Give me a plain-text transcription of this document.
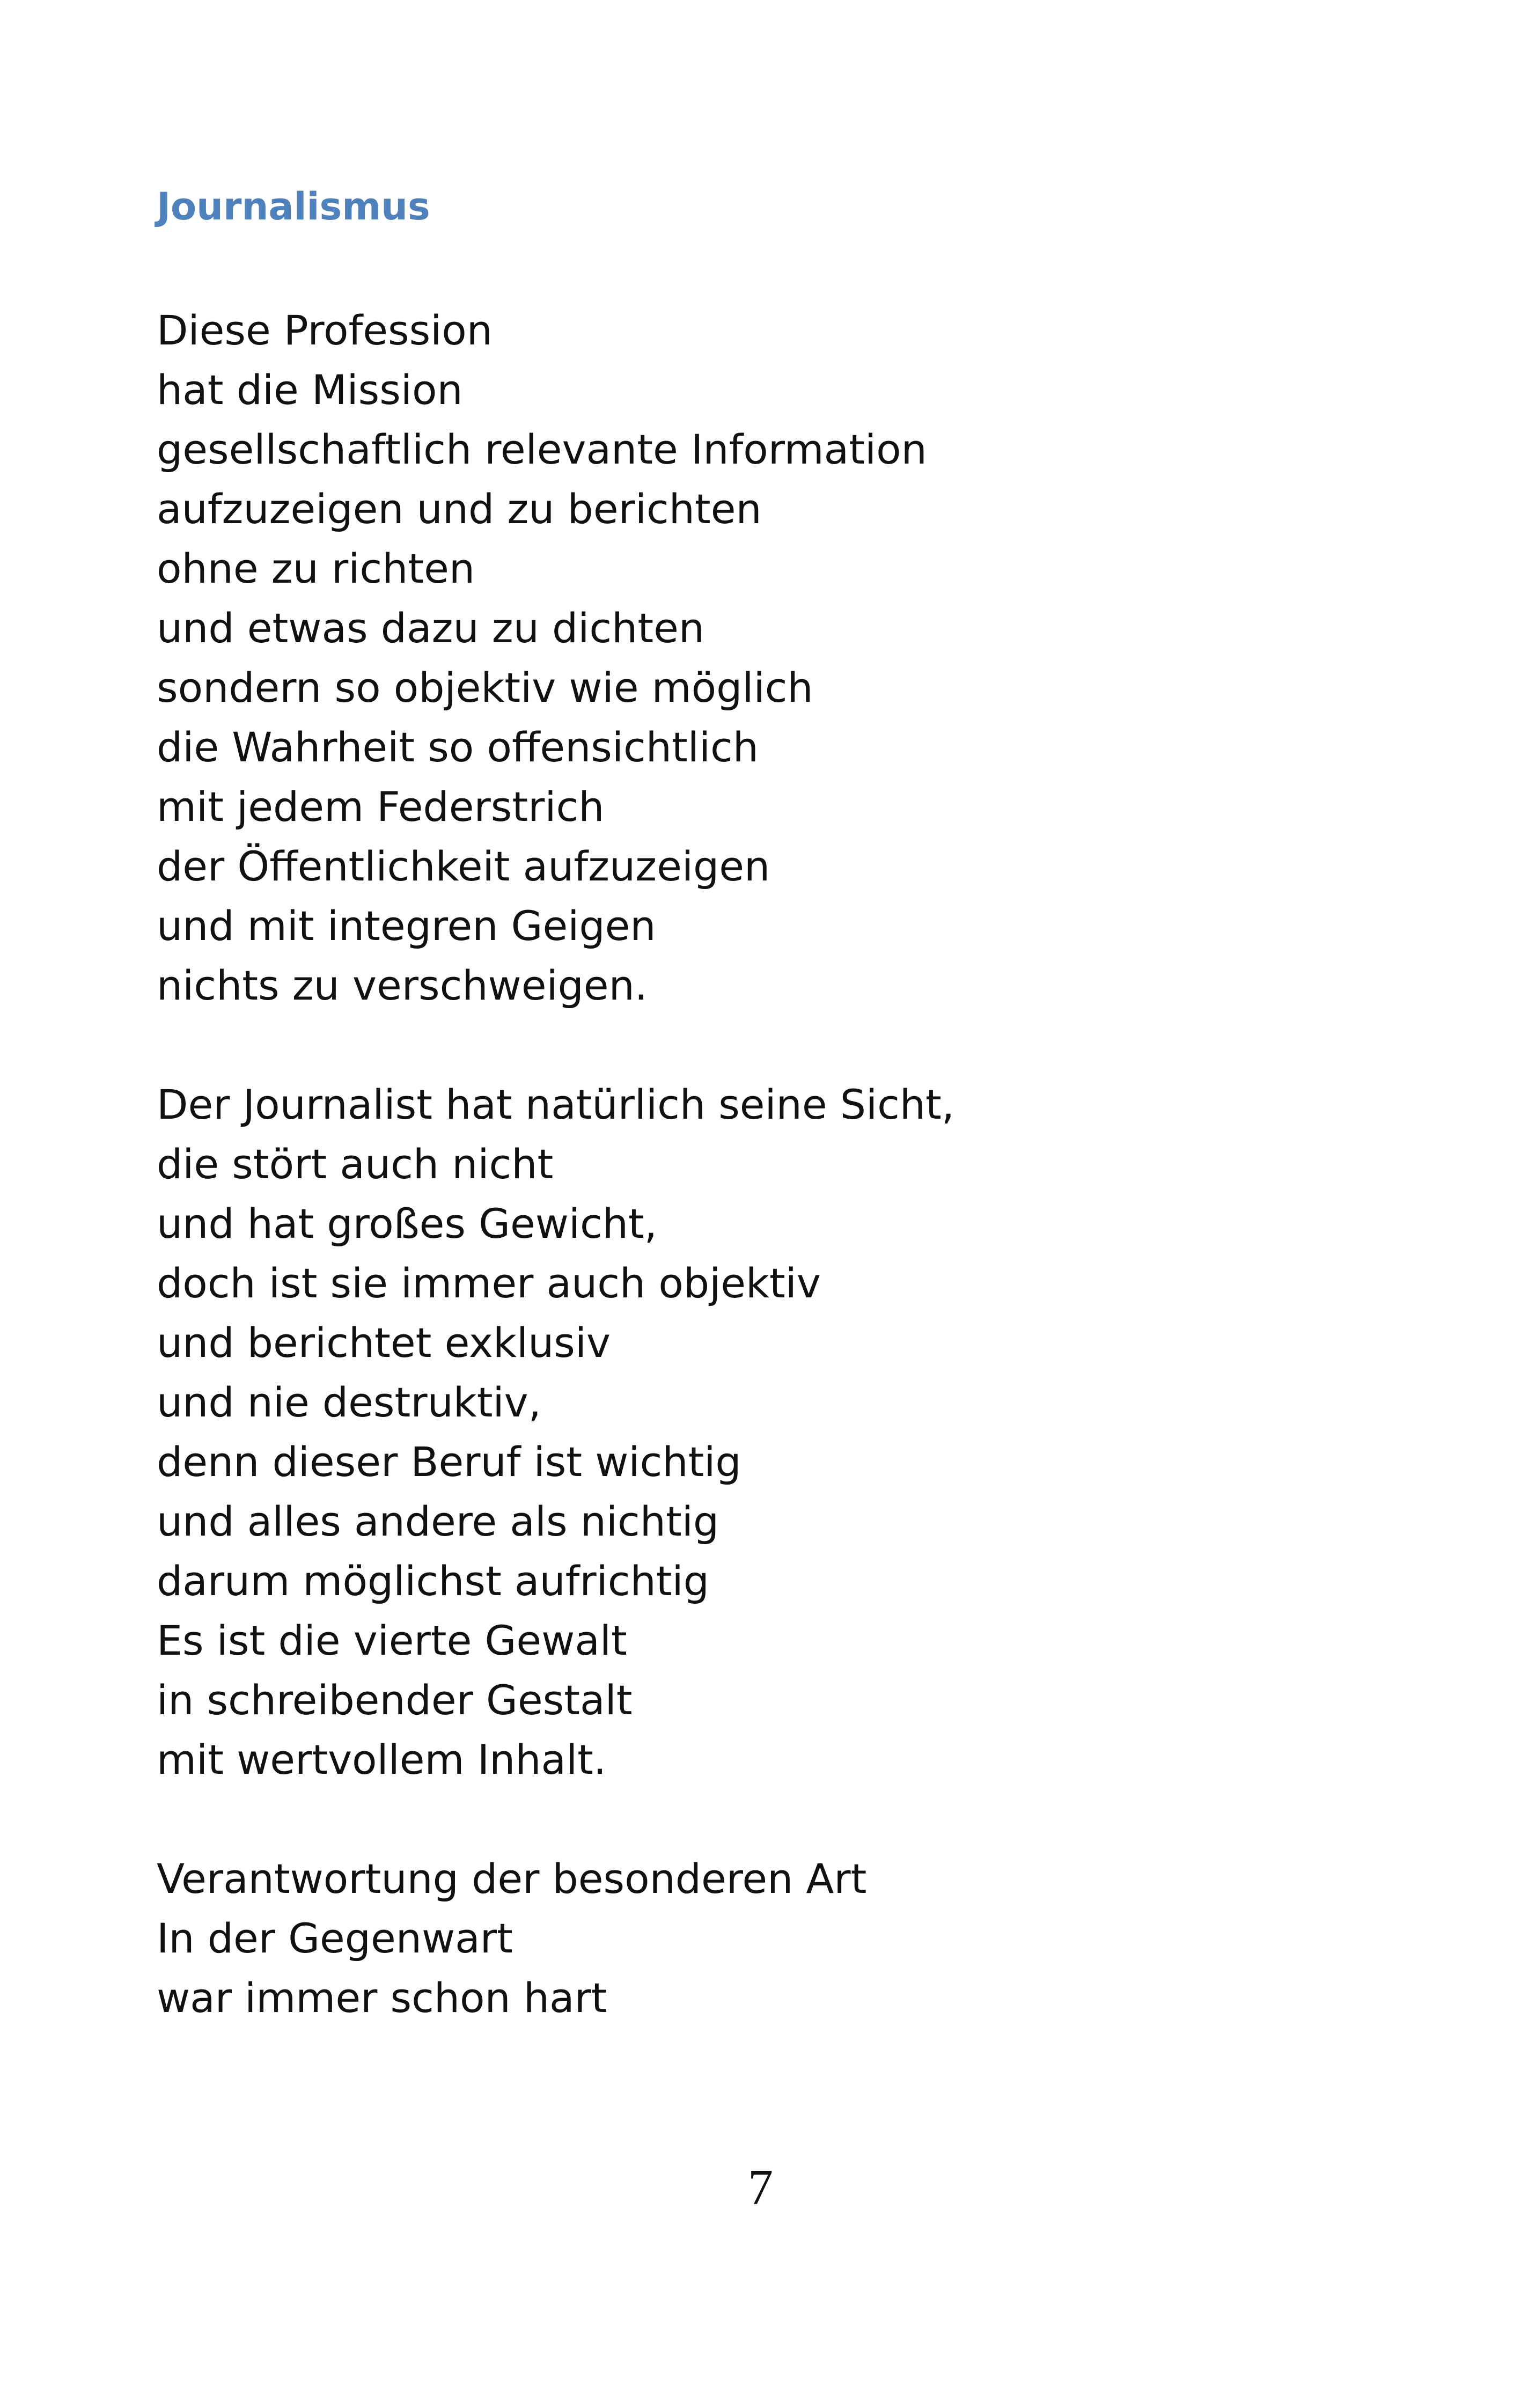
Journalismus
Diese Profession
hat die Mission
gesellschaftlich relevante Information
aufzuzeigen und zu berichten
ohne zu richten
und etwas dazu zu dichten
sondern so objektiv wie möglich
die Wahrheit so offensichtlich
mit jedem Federstrich
der Öffentlichkeit aufzuzeigen
und mit integren Geigen
nichts zu verschweigen.
Der Journalist hat natürlich seine Sicht,
die stört auch nicht
und hat großes Gewicht,
doch ist sie immer auch objektiv
und berichtet exklusiv
und nie destruktiv,
denn dieser Beruf ist wichtig
und alles andere als nichtig
darum möglichst aufrichtig
Es ist die vierte Gewalt
in schreibender Gestalt
mit wertvollem Inhalt.
Verantwortung der besonderen Art
In der Gegenwart
war immer schon hart
7
